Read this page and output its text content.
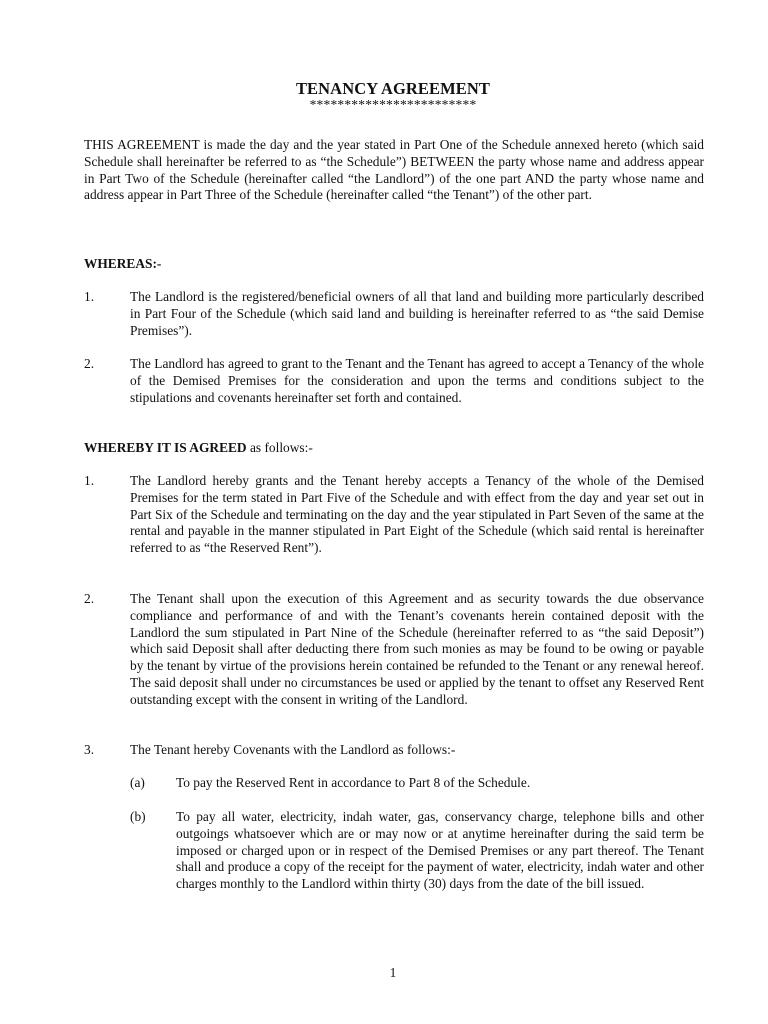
TENANCY AGREEMENT
************************
THIS AGREEMENT is made the day and the year stated in Part One of the Schedule annexed hereto (which said Schedule shall hereinafter be referred to as “the Schedule”) BETWEEN the party whose name and address appear in Part Two of the Schedule (hereinafter called “the Landlord”) of the one part AND the party whose name and address appear in Part Three of the Schedule (hereinafter called “the Tenant”) of the other part.
WHEREAS:-
1.	The Landlord is the registered/beneficial owners of all that land and building more particularly described in Part Four of the Schedule (which said land and building is hereinafter referred to as “the said Demise Premises”).
2.	The Landlord has agreed to grant to the Tenant and the Tenant has agreed to accept a Tenancy of the whole of the Demised Premises for the consideration and upon the terms and conditions subject to the stipulations and covenants hereinafter set forth and contained.
WHEREBY IT IS AGREED as follows:-
1.	The Landlord hereby grants and the Tenant hereby accepts a Tenancy of the whole of the Demised Premises for the term stated in Part Five of the Schedule and with effect from the day and year set out in Part Six of the Schedule and terminating on the day and the year stipulated in Part Seven of the same at the rental and payable in the manner stipulated in Part Eight of the Schedule (which said rental is hereinafter referred to as “the Reserved Rent”).
2.	The Tenant shall upon the execution of this Agreement and as security towards the due observance compliance and performance of and with the Tenant’s covenants herein contained deposit with the Landlord the sum stipulated in Part Nine of the Schedule (hereinafter referred to as “the said Deposit”) which said Deposit shall after deducting there from such monies as may be found to be owing or payable by the tenant by virtue of the provisions herein contained be refunded to the Tenant or any renewal hereof. The said deposit shall under no circumstances be used or applied by the tenant to offset any Reserved Rent outstanding except with the consent in writing of the Landlord.
3.	The Tenant hereby Covenants with the Landlord as follows:-
(a)	To pay the Reserved Rent in accordance to Part 8 of the Schedule.
(b)	To pay all water, electricity, indah water, gas, conservancy charge, telephone bills and other outgoings whatsoever which are or may now or at anytime hereinafter during the said term be imposed or charged upon or in respect of the Demised Premises or any part thereof. The Tenant shall and produce a copy of the receipt for the payment of water, electricity, indah water and other charges monthly to the Landlord within thirty (30) days from the date of the bill issued.
1
